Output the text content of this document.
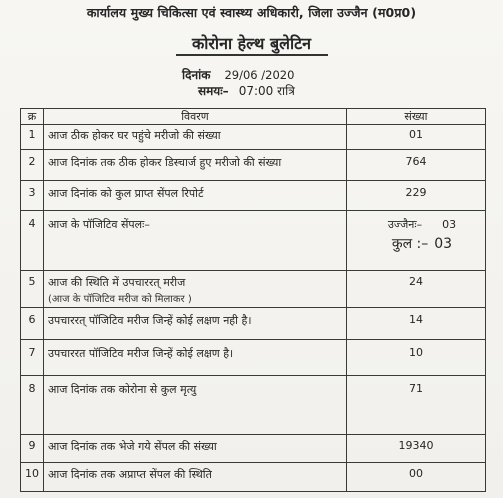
कार्यालय मुख्य चिकित्सा एवं स्वास्थ्य अधिकारी, जिला उज्जैन (म0प्र0)
कोरोना हेल्थ बुलेटिन
दिनांक 29/06 /2020
समयः– 07:00 रात्रि
क्र	विवरण	संख्या
1	आज ठीक होकर घर पहुंचे मरीजो की संख्या	01
2	आज दिनांक तक ठीक होकर डिस्चार्ज हुए मरीजो की संख्या	764
3	आज दिनांक को कुल प्राप्त सेंपल रिपोर्ट	229
4	आज के पॉजिटिव सेंपलः–	उज्जैनः– 03
कुल :– 03

5	आज की स्थिति में उपचाररत् मरीज
(आज के पॉजिटिव मरीज को मिलाकर )	24
6	उपचाररत् पॉजिटिव मरीज जिन्हें कोई लक्षण नही है।	14
7	उपचाररत पॉजिटिव मरीज जिन्हें कोई लक्षण है।	10
8	आज दिनांक तक कोरोना से कुल मृत्यु	71
9	आज दिनांक तक भेजे गये सेंपल की संख्या	19340
10	आज दिनांक तक अप्राप्त सेंपल की स्थिति	00
